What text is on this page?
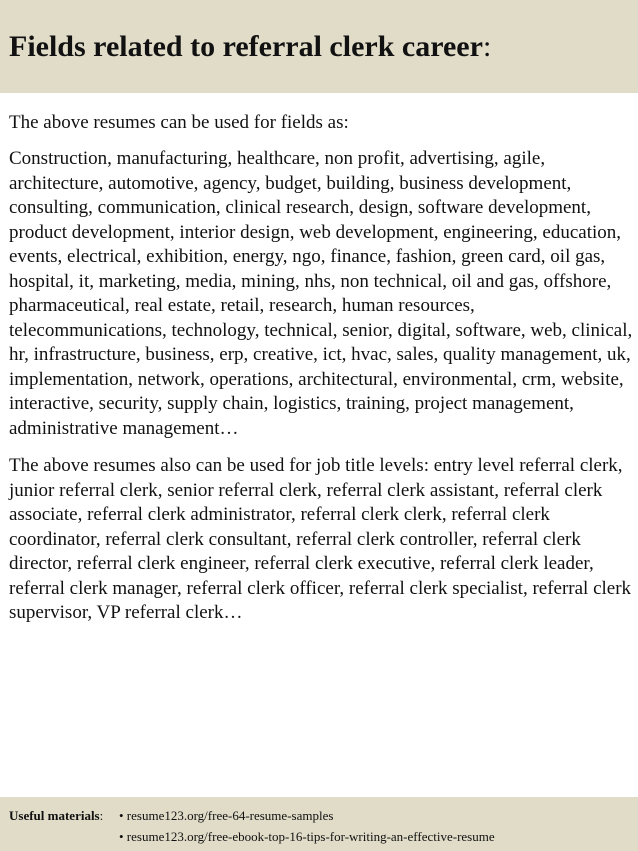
Fields related to referral clerk career:

The above resumes can be used for fields as:

Construction, manufacturing, healthcare, non profit, advertising, agile, architecture, automotive, agency, budget, building, business development, consulting, communication, clinical research, design, software development, product development, interior design, web development, engineering, education, events, electrical, exhibition, energy, ngo, finance, fashion, green card, oil gas, hospital, it, marketing, media, mining, nhs, non technical, oil and gas, offshore, pharmaceutical, real estate, retail, research, human resources, telecommunications, technology, technical, senior, digital, software, web, clinical, hr, infrastructure, business, erp, creative, ict, hvac, sales, quality management, uk, implementation, network, operations, architectural, environmental, crm, website, interactive, security, supply chain, logistics, training, project management, administrative management…

The above resumes also can be used for job title levels: entry level referral clerk, junior referral clerk, senior referral clerk, referral clerk assistant, referral clerk associate, referral clerk administrator, referral clerk clerk, referral clerk coordinator, referral clerk consultant, referral clerk controller, referral clerk director, referral clerk engineer, referral clerk executive, referral clerk leader, referral clerk manager, referral clerk officer, referral clerk specialist, referral clerk supervisor, VP referral clerk…

Useful materials: • resume123.org/free-64-resume-samples
• resume123.org/free-ebook-top-16-tips-for-writing-an-effective-resume
